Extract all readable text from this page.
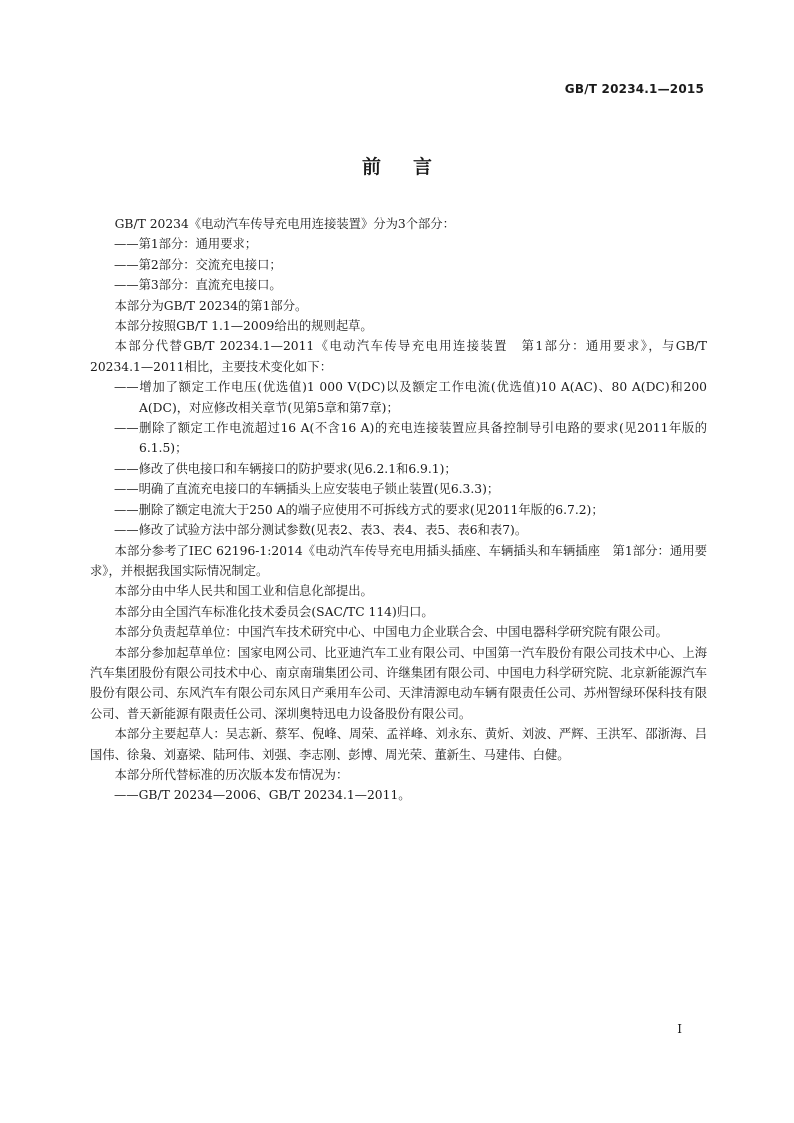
GB/T 20234.1—2015
前言

GB/T 20234《电动汽车传导充电用连接装置》分为3个部分：

——第1部分：通用要求；

——第2部分：交流充电接口；

——第3部分：直流充电接口。

本部分为GB/T 20234的第1部分。

本部分按照GB/T 1.1—2009给出的规则起草。

本部分代替GB/T 20234.1—2011《电动汽车传导充电用连接装置　第1部分：通用要求》，与GB/T 20234.1—2011相比，主要技术变化如下：

——增加了额定工作电压(优选值)1 000 V(DC)以及额定工作电流(优选值)10 A(AC)、80 A(DC)和200 A(DC)，对应修改相关章节(见第5章和第7章)；

——删除了额定工作电流超过16 A(不含16 A)的充电连接装置应具备控制导引电路的要求(见2011年版的6.1.5)；

——修改了供电接口和车辆接口的防护要求(见6.2.1和6.9.1)；

——明确了直流充电接口的车辆插头上应安装电子锁止装置(见6.3.3)；

——删除了额定电流大于250 A的端子应使用不可拆线方式的要求(见2011年版的6.7.2)；

——修改了试验方法中部分测试参数(见表2、表3、表4、表5、表6和表7)。

本部分参考了IEC 62196-1:2014《电动汽车传导充电用插头插座、车辆插头和车辆插座　第1部分：通用要求》，并根据我国实际情况制定。

本部分由中华人民共和国工业和信息化部提出。

本部分由全国汽车标准化技术委员会(SAC/TC 114)归口。

本部分负责起草单位：中国汽车技术研究中心、中国电力企业联合会、中国电器科学研究院有限公司。

本部分参加起草单位：国家电网公司、比亚迪汽车工业有限公司、中国第一汽车股份有限公司技术中心、上海汽车集团股份有限公司技术中心、南京南瑞集团公司、许继集团有限公司、中国电力科学研究院、北京新能源汽车股份有限公司、东风汽车有限公司东风日产乘用车公司、天津清源电动车辆有限责任公司、苏州智绿环保科技有限公司、普天新能源有限责任公司、深圳奥特迅电力设备股份有限公司。

本部分主要起草人：吴志新、蔡军、倪峰、周荣、孟祥峰、刘永东、黄炘、刘波、严辉、王洪军、邵浙海、吕国伟、徐枭、刘嘉梁、陆珂伟、刘强、李志刚、彭博、周光荣、董新生、马建伟、白健。

本部分所代替标准的历次版本发布情况为：

——GB/T 20234—2006、GB/T 20234.1—2011。

I
